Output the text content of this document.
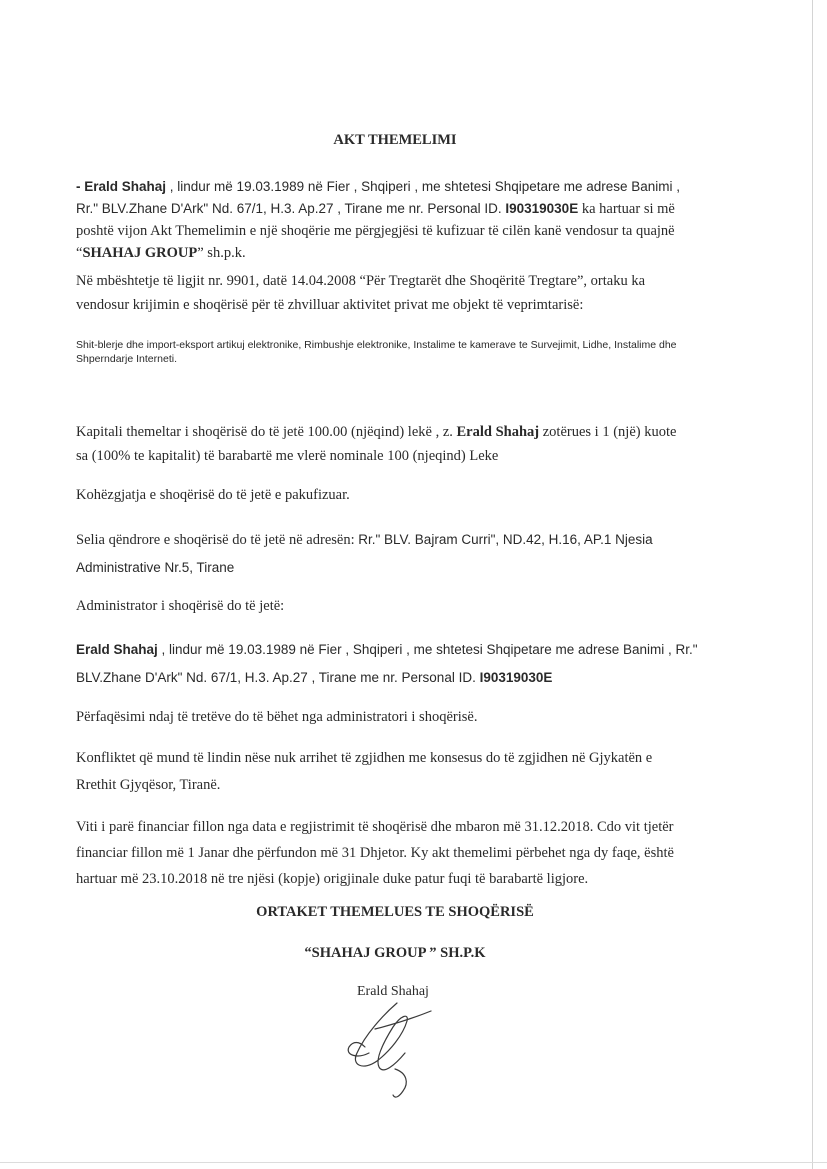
AKT THEMELIMI

- Erald Shahaj , lindur më 19.03.1989 në Fier , Shqiperi , me shtetesi Shqipetare me adrese Banimi ,
Rr." BLV.Zhane D'Ark" Nd. 67/1, H.3. Ap.27 , Tirane me nr. Personal ID. I90319030E ka hartuar si më
poshtë vijon Akt Themelimin e një shoqërie me përgjegjësi të kufizuar të cilën kanë vendosur ta quajnë
“SHAHAJ GROUP” sh.p.k.

Në mbështetje të ligjit nr. 9901, datë 14.04.2008 “Për Tregtarët dhe Shoqëritë Tregtare”, ortaku ka
vendosur krijimin e shoqërisë për të zhvilluar aktivitet privat me objekt të veprimtarisë:

Shit-blerje dhe import-eksport artikuj elektronike, Rimbushje elektronike, Instalime te kamerave te Survejimit, Lidhe, Instalime dhe
Shperndarje Interneti.

Kapitali themeltar i shoqërisë do të jetë 100.00 (njëqind) lekë , z. Erald Shahaj zotërues i 1 (një) kuote
sa (100% te kapitalit) të barabartë me vlerë nominale 100 (njeqind) Leke

Kohëzgjatja e shoqërisë do të jetë e pakufizuar.

Selia qëndrore e shoqërisë do të jetë në adresën: Rr." BLV. Bajram Curri", ND.42, H.16, AP.1 Njesia
Administrative Nr.5, Tirane

Administrator i shoqërisë do të jetë:

Erald Shahaj , lindur më 19.03.1989 në Fier , Shqiperi , me shtetesi Shqipetare me adrese Banimi , Rr."
BLV.Zhane D'Ark" Nd. 67/1, H.3. Ap.27 , Tirane me nr. Personal ID. I90319030E

Përfaqësimi ndaj të tretëve do të bëhet nga administratori i shoqërisë.

Konfliktet që mund të lindin nëse nuk arrihet të zgjidhen me konsesus do të zgjidhen në Gjykatën e
Rrethit Gjyqësor, Tiranë.

Viti i parë financiar fillon nga data e regjistrimit të shoqërisë dhe mbaron më 31.12.2018. Cdo vit tjetër
financiar fillon më 1 Janar dhe përfundon më 31 Dhjetor. Ky akt themelimi përbehet nga dy faqe, është
hartuar më 23.10.2018 në tre njësi (kopje) origjinale duke patur fuqi të barabartë ligjore.

ORTAKET THEMELUES TE SHOQËRISË
“SHAHAJ GROUP ” SH.P.K
Erald Shahaj
